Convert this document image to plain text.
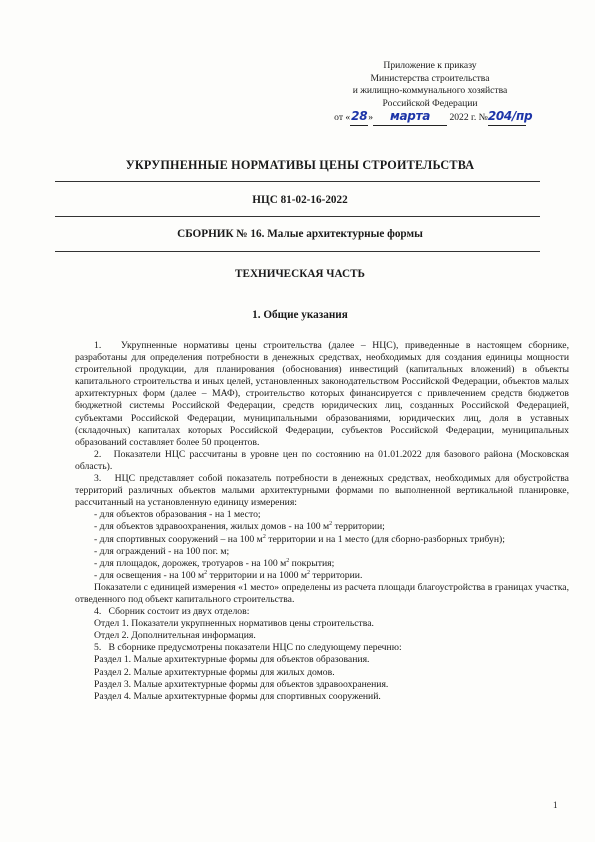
Приложение к приказу
Министерства строительства
и жилищно-коммунального хозяйства
Российской Федерации
от «28» марта 2022 г. №204/пр
УКРУПНЕННЫЕ НОРМАТИВЫ ЦЕНЫ СТРОИТЕЛЬСТВА
НЦС 81-02-16-2022
СБОРНИК № 16. Малые архитектурные формы
ТЕХНИЧЕСКАЯ ЧАСТЬ
1. Общие указания

1.   Укрупненные нормативы цены строительства (далее – НЦС), приведенные в настоящем сборнике, разработаны для определения потребности в денежных средствах, необходимых для создания единицы мощности строительной продукции, для планирования (обоснования) инвестиций (капитальных вложений) в объекты капитального строительства и иных целей, установленных законодательством Российской Федерации, объектов малых архитектурных форм (далее – МАФ), строительство которых финансируется с привлечением средств бюджетов бюджетной системы Российской Федерации, средств юридических лиц, созданных Российской Федерацией, субъектами Российской Федерации, муниципальными образованиями, юридических лиц, доля в уставных (складочных) капиталах которых Российской Федерации, субъектов Российской Федерации, муниципальных образований составляет более 50 процентов.

2.   Показатели НЦС рассчитаны в уровне цен по состоянию на 01.01.2022 для базового района (Московская область).

3.   НЦС представляет собой показатель потребности в денежных средствах, необходимых для обустройства территорий различных объектов малыми архитектурными формами по выполненной вертикальной планировке, рассчитанный на установленную единицу измерения:

- для объектов образования - на 1 место;

- для объектов здравоохранения, жилых домов - на 100 $м^2$ территории;

- для спортивных сооружений – на 100 $м^2$ территории и на 1 место (для сборно-разборных трибун);

- для ограждений - на 100 пог. м;

- для площадок, дорожек, тротуаров - на 100 $м^2$ покрытия;

- для освещения - на 100 $м^2$ территории и на 1000 $м^2$ территории.

Показатели с единицей измерения «1 место» определены из расчета площади благоустройства в границах участка, отведенного под объект капитального строительства.

4.   Сборник состоит из двух отделов:

Отдел 1. Показатели укрупненных нормативов цены строительства.

Отдел 2. Дополнительная информация.

5.   В сборнике предусмотрены показатели НЦС по следующему перечню:

Раздел 1. Малые архитектурные формы для объектов образования.

Раздел 2. Малые архитектурные формы для жилых домов.

Раздел 3. Малые архитектурные формы для объектов здравоохранения.

Раздел 4. Малые архитектурные формы для спортивных сооружений.

1
